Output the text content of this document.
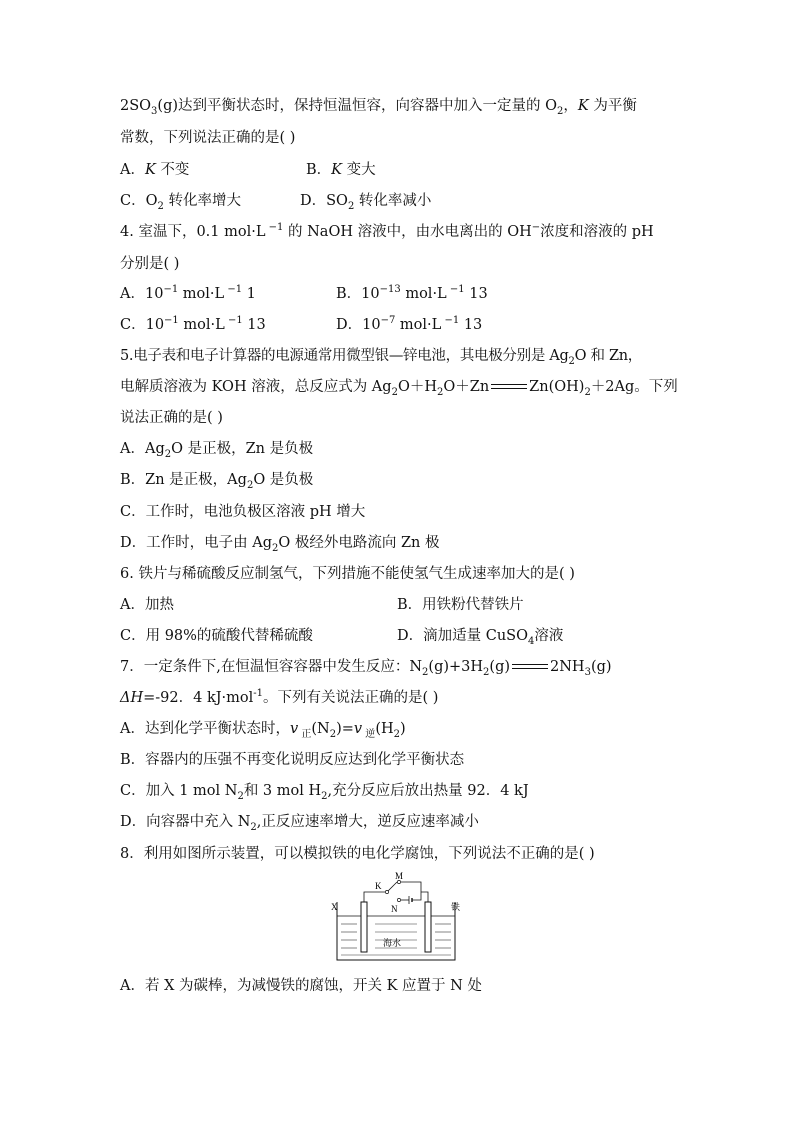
$2SO_3(g)$达到平衡状态时，保持恒温恒容，向容器中加入一定量的 $O_2$，K 为平衡
常数，下列说法正确的是( )
A．K 不变	B．K 变大
C．$O_2$ 转化率增大	D．$SO_2$ 转化率减小
4. 室温下，0.1 mol·L $^{-1}$ 的 NaOH 溶液中，由水电离出的 OH−浓度和溶液的 pH
分别是( )
A．$10^{-1}$ mol·L $^{-1}$ 1	B．$10^{-13}$ mol·L $^{-1}$ 13
C．$10^{-1}$ mol·L $^{-1}$ 13	D．$10^{-7}$ mol·L $^{-1}$ 13
5.电子表和电子计算器的电源通常用微型银—锌电池，其电极分别是 $Ag_2O$ 和 Zn，
电解质溶液为 KOH 溶液，总反应式为 $Ag_2O+H_2O+Zn$	$Zn(OH)_2+2Ag$。下列
说法正确的是( )
A．$Ag_2O$ 是正极，Zn 是负极
B．Zn 是正极，$Ag_2O$ 是负极
C．工作时，电池负极区溶液 pH 增大
D．工作时，电子由 $Ag_2O$ 极经外电路流向 Zn 极
6. 铁片与稀硫酸反应制氢气，下列措施不能使氢气生成速率加大的是( )
A．加热	B．用铁粉代替铁片
C．用 98%的硫酸代替稀硫酸	D．滴加适量 CuSO$_4$溶液
7．一定条件下,在恒温恒容容器中发生反应：$N_2(g)+3H_2(g)$	$2NH_3(g)$
ΔH=-92．4 kJ·mol$^{-1}$。下列有关说法正确的是( )
A．达到化学平衡状态时，v $_正(N_2)=v$ $_逆(H_2)$
B．容器内的压强不再变化说明反应达到化学平衡状态
C．加入 1 mol $N_2$和 3 mol $H_2$,充分反应后放出热量 92．4 kJ
D．向容器中充入 $N_2$,正反应速率增大，逆反应速率减小
8．利用如图所示装置，可以模拟铁的电化学腐蚀，下列说法不正确的是( )
K
M
N
X	铁
海水
A．若 X 为碳棒，为减慢铁的腐蚀，开关 K 应置于 N 处
